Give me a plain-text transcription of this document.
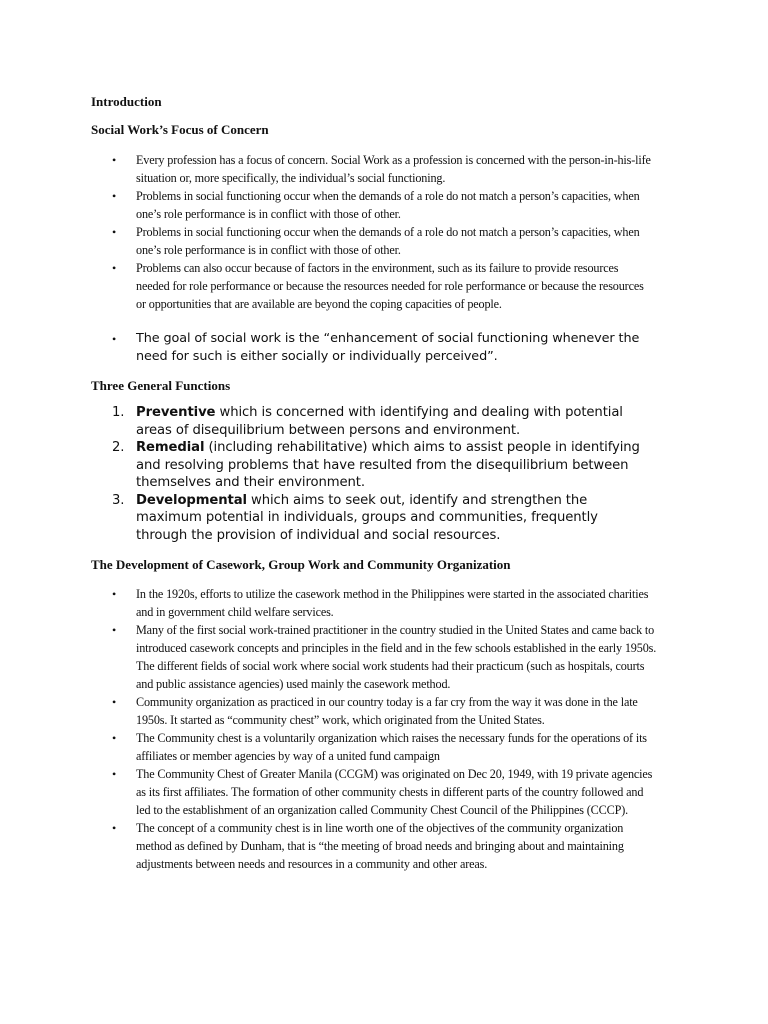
Introduction
Social Work’s Focus of Concern
•	Every profession has a focus of concern. Social Work as a profession is concerned with the person-in-his-life situation or, more specifically, the individual’s social functioning.
•	Problems in social functioning occur when the demands of a role do not match a person’s capacities, when one’s role performance is in conflict with those of other.
•	Problems in social functioning occur when the demands of a role do not match a person’s capacities, when one’s role performance is in conflict with those of other.
•	Problems can also occur because of factors in the environment, such as its failure to provide resources needed for role performance or because the resources needed for role performance or because the resources or opportunities that are available are beyond the coping capacities of people.
•	The goal of social work is the “enhancement of social functioning whenever the need for such is either socially or individually perceived”.
Three General Functions
1. Preventive which is concerned with identifying and dealing with potential areas of disequilibrium between persons and environment.
2. Remedial (including rehabilitative) which aims to assist people in identifying and resolving problems that have resulted from the disequilibrium between themselves and their environment.
3. Developmental which aims to seek out, identify and strengthen the maximum potential in individuals, groups and communities, frequently through the provision of individual and social resources.
The Development of Casework, Group Work and Community Organization
•	In the 1920s, efforts to utilize the casework method in the Philippines were started in the associated charities and in government child welfare services.
•	Many of the first social work-trained practitioner in the country studied in the United States and came back to introduced casework concepts and principles in the field and in the few schools established in the early 1950s. The different fields of social work where social work students had their practicum (such as hospitals, courts and public assistance agencies) used mainly the casework method.
•	Community organization as practiced in our country today is a far cry from the way it was done in the late 1950s. It started as “community chest” work, which originated from the United States.
•	The Community chest is a voluntarily organization which raises the necessary funds for the operations of its affiliates or member agencies by way of a united fund campaign
•	The Community Chest of Greater Manila (CCGM) was originated on Dec 20, 1949, with 19 private agencies as its first affiliates. The formation of other community chests in different parts of the country followed and led to the establishment of an organization called Community Chest Council of the Philippines (CCCP).
•	The concept of a community chest is in line worth one of the objectives of the community organization method as defined by Dunham, that is “the meeting of broad needs and bringing about and maintaining adjustments between needs and resources in a community and other areas.
